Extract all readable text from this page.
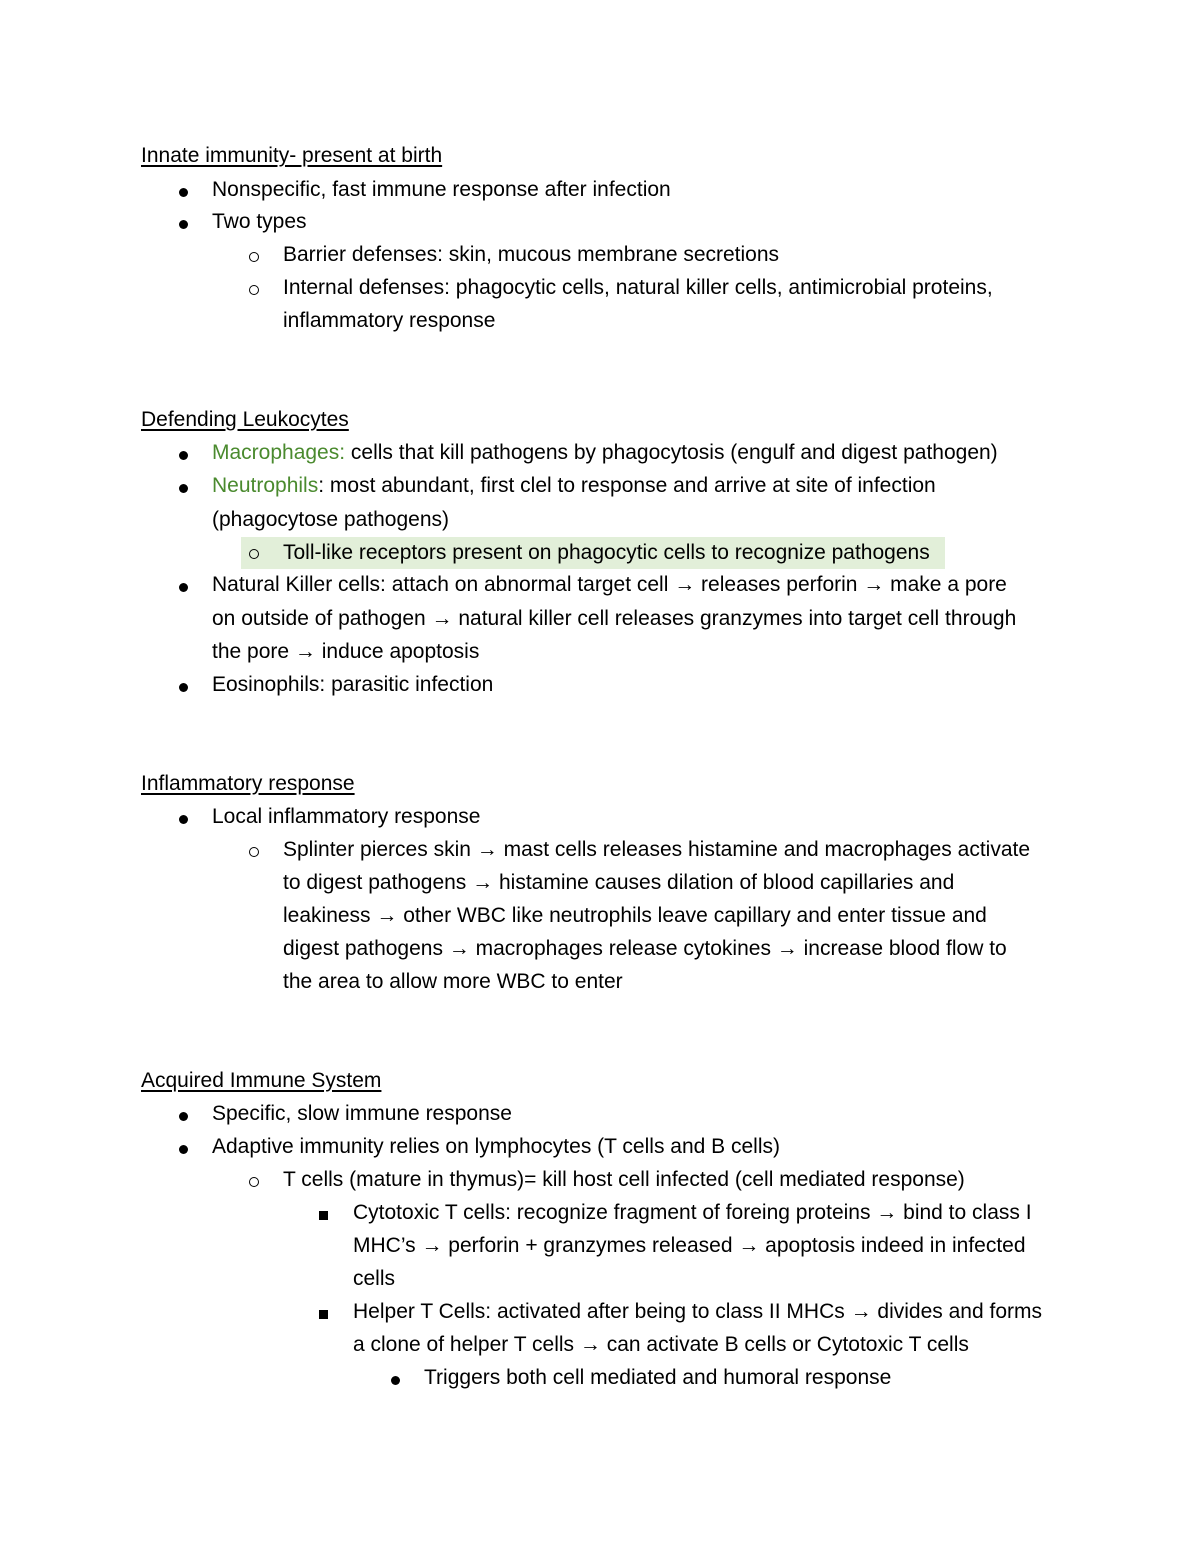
Innate immunity- present at birth
Nonspecific, fast immune response after infection
Two types
Barrier defenses: skin, mucous membrane secretions
Internal defenses: phagocytic cells, natural killer cells, antimicrobial proteins,
inflammatory response
Defending Leukocytes
Macrophages: cells that kill pathogens by phagocytosis (engulf and digest pathogen)
Neutrophils: most abundant, first clel to response and arrive at site of infection
(phagocytose pathogens)
Toll-like receptors present on phagocytic cells to recognize pathogens
Natural Killer cells: attach on abnormal target cell → releases perforin → make a pore
on outside of pathogen → natural killer cell releases granzymes into target cell through
the pore → induce apoptosis
Eosinophils: parasitic infection
Inflammatory response
Local inflammatory response
Splinter pierces skin → mast cells releases histamine and macrophages activate
to digest pathogens → histamine causes dilation of blood capillaries and
leakiness → other WBC like neutrophils leave capillary and enter tissue and
digest pathogens → macrophages release cytokines → increase blood flow to
the area to allow more WBC to enter
Acquired Immune System
Specific, slow immune response
Adaptive immunity relies on lymphocytes (T cells and B cells)
T cells (mature in thymus)= kill host cell infected (cell mediated response)
Cytotoxic T cells: recognize fragment of foreing proteins → bind to class I
MHC’s → perforin + granzymes released → apoptosis indeed in infected
cells
Helper T Cells: activated after being to class II MHCs → divides and forms
a clone of helper T cells → can activate B cells or Cytotoxic T cells
Triggers both cell mediated and humoral response
